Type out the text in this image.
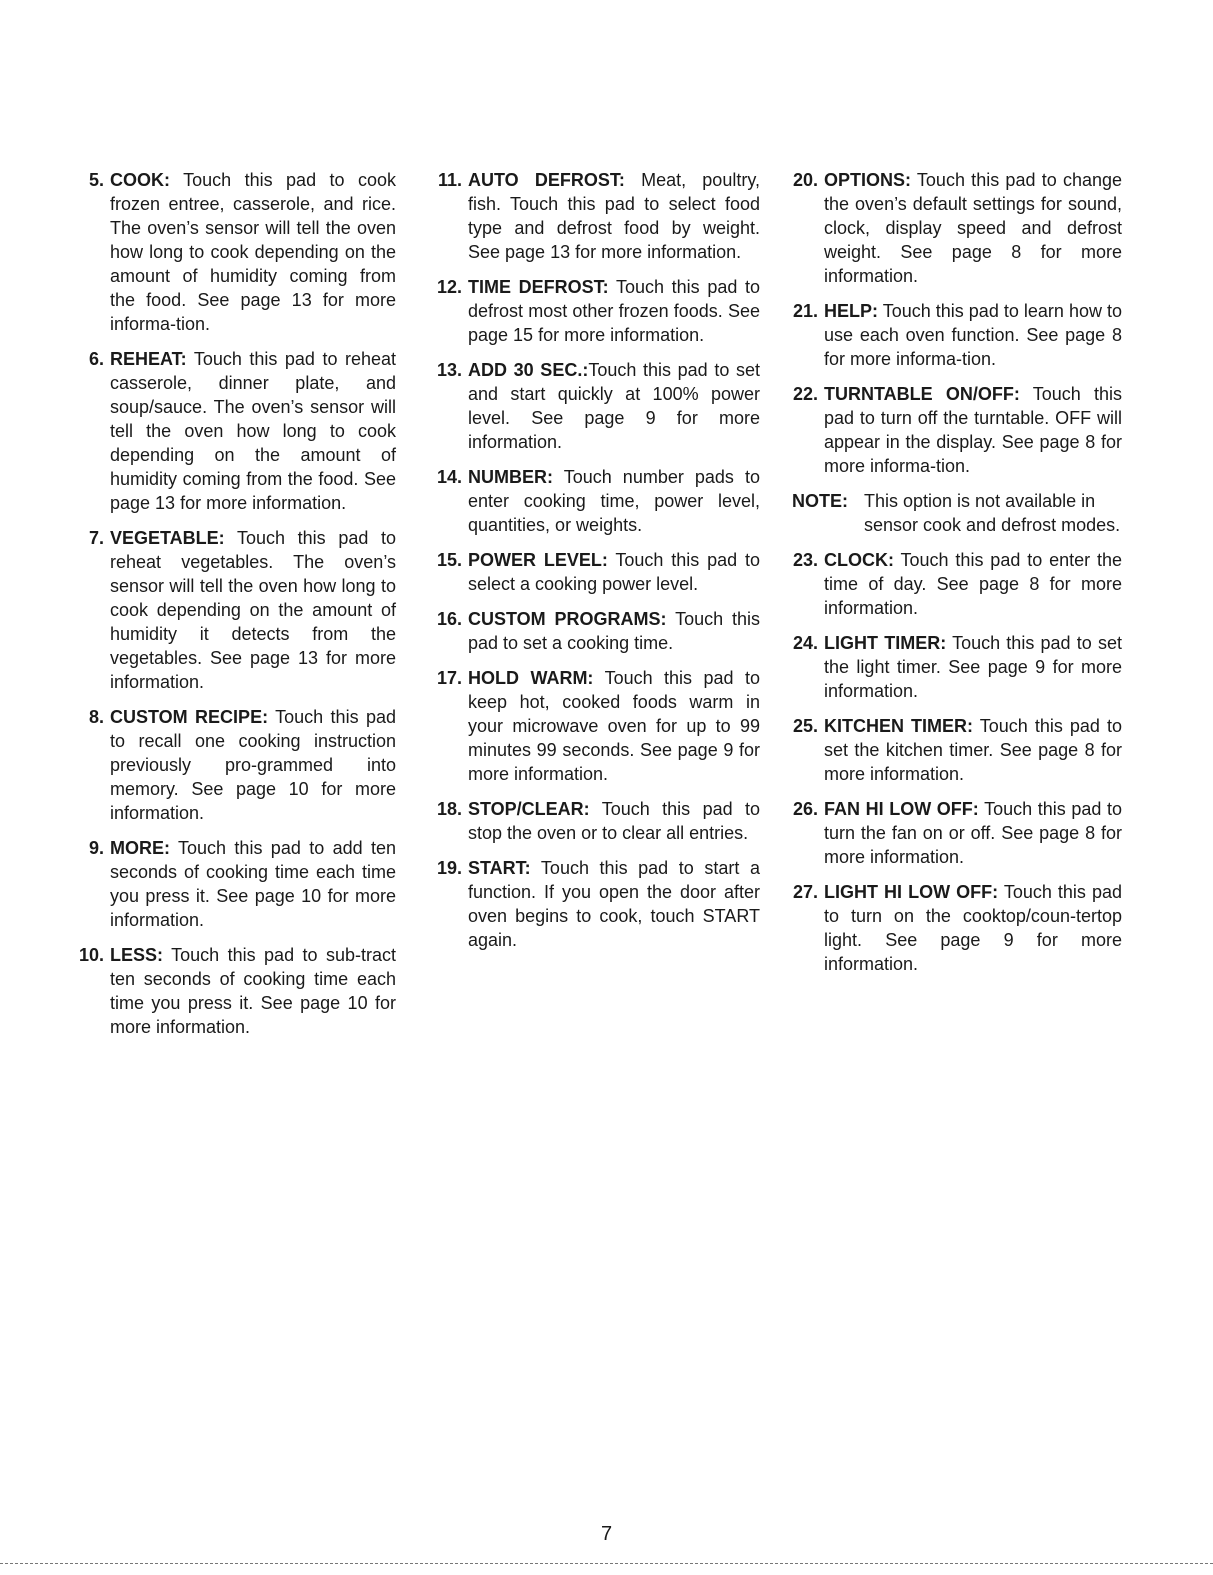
5. COOK: Touch this pad to cook frozen entree, casserole, and rice. The oven’s sensor will tell the oven how long to cook depending on the amount of humidity coming from the food. See page 13 for more informa-tion.
6. REHEAT: Touch this pad to reheat casserole, dinner plate, and soup/sauce. The oven’s sensor will tell the oven how long to cook depending on the amount of humidity coming from the food. See page 13 for more information.
7. VEGETABLE: Touch this pad to reheat vegetables. The oven’s sensor will tell the oven how long to cook depending on the amount of humidity it detects from the vegetables. See page 13 for more information.
8. CUSTOM RECIPE: Touch this pad to recall one cooking instruction previously pro-grammed into memory. See page 10 for more information.
9. MORE: Touch this pad to add ten seconds of cooking time each time you press it. See page 10 for more information.
10. LESS: Touch this pad to sub-tract ten seconds of cooking time each time you press it. See page 10 for more information.
11. AUTO DEFROST: Meat, poultry, fish. Touch this pad to select food type and defrost food by weight. See page 13 for more information.
12. TIME DEFROST: Touch this pad to defrost most other frozen foods. See page 15 for more information.
13. ADD 30 SEC.:Touch this pad to set and start quickly at 100% power level. See page 9 for more information.
14. NUMBER: Touch number pads to enter cooking time, power level, quantities, or weights.
15. POWER LEVEL: Touch this pad to select a cooking power level.
16. CUSTOM PROGRAMS: Touch this pad to set a cooking time.
17. HOLD WARM: Touch this pad to keep hot, cooked foods warm in your microwave oven for up to 99 minutes 99 seconds. See page 9 for more information.
18. STOP/CLEAR: Touch this pad to stop the oven or to clear all entries.
19. START: Touch this pad to start a function. If you open the door after oven begins to cook, touch START again.
20. OPTIONS: Touch this pad to change the oven’s default settings for sound, clock, display speed and defrost weight. See page 8 for more information.
21. HELP: Touch this pad to learn how to use each oven function. See page 8 for more informa-tion.
22. TURNTABLE ON/OFF: Touch this pad to turn off the turntable. OFF will appear in the display. See page 8 for more informa-tion.
NOTE: This option is not available in sensor cook and defrost modes.
23. CLOCK: Touch this pad to enter the time of day. See page 8 for more information.
24. LIGHT TIMER: Touch this pad to set the light timer. See page 9 for more information.
25. KITCHEN TIMER: Touch this pad to set the kitchen timer. See page 8 for more information.
26. FAN HI LOW OFF: Touch this pad to turn the fan on or off. See page 8 for more information.
27. LIGHT HI LOW OFF: Touch this pad to turn on the cooktop/coun-tertop light. See page 9 for more information.
7
